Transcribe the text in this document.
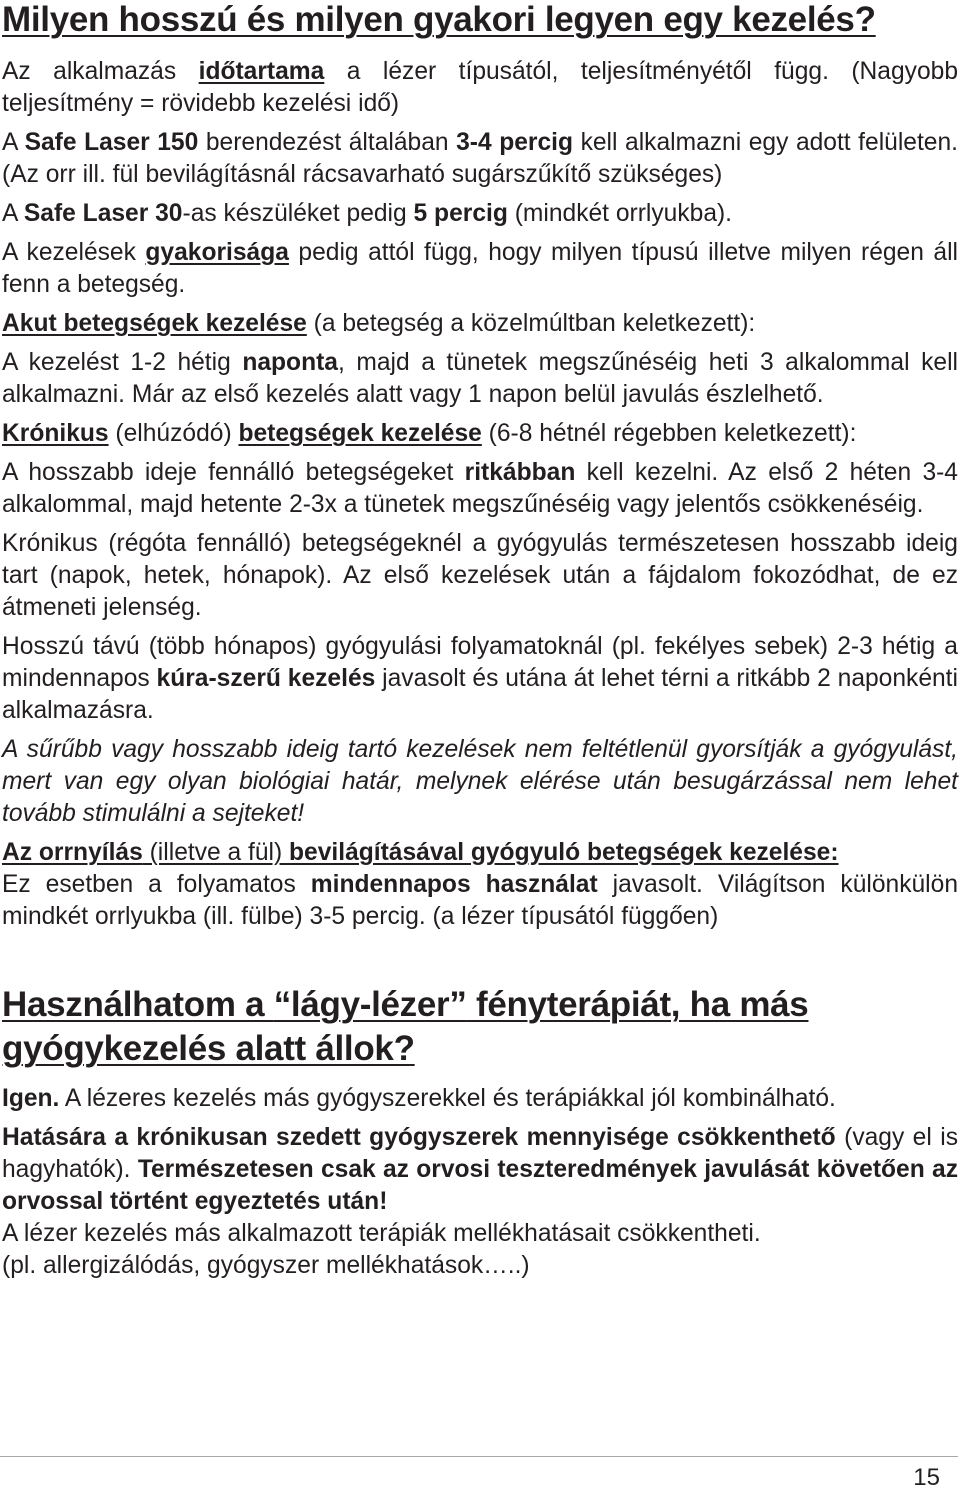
Milyen hosszú és milyen gyakori legyen egy kezelés?

Az alkalmazás időtartama a lézer típusától, teljesítményétől függ. (Nagyobb teljesítmény = rövidebb kezelési idő)

A Safe Laser 150 berendezést általában 3-4 percig kell alkalmazni egy adott felületen. (Az orr ill. fül bevilágításnál rácsavarható sugárszűkítő szükséges)

A Safe Laser 30-as készüléket pedig 5 percig (mindkét orrlyukba).

A kezelések gyakorisága pedig attól függ, hogy milyen típusú illetve milyen régen áll fenn a betegség.

Akut betegségek kezelése (a betegség a közelmúltban keletkezett):

A kezelést 1-2 hétig naponta, majd a tünetek megszűnéséig heti 3 alkalommal kell alkalmazni. Már az első kezelés alatt vagy 1 napon belül javulás észlelhető.

Krónikus (elhúzódó) betegségek kezelése (6-8 hétnél régebben keletkezett):

A hosszabb ideje fennálló betegségeket ritkábban kell kezelni. Az első 2 héten 3-4 alkalommal, majd hetente 2-3x a tünetek megszűnéséig vagy jelentős csökkenéséig.

Krónikus (régóta fennálló) betegségeknél a gyógyulás természetesen hosszabb ideig tart (napok, hetek, hónapok). Az első kezelések után a fájdalom fokozódhat, de ez átmeneti jelenség.

Hosszú távú (több hónapos) gyógyulási folyamatoknál (pl. fekélyes sebek) 2-3 hétig a mindennapos kúra-szerű kezelés javasolt és utána át lehet térni a ritkább 2 naponkénti alkalmazásra.

A sűrűbb vagy hosszabb ideig tartó kezelések nem feltétlenül gyorsítják a gyógyulást, mert van egy olyan biológiai határ, melynek elérése után besugárzással nem lehet tovább stimulálni a sejteket!

Az orrnyílás (illetve a fül) bevilágításával gyógyuló betegségek kezelése:

Ez esetben a folyamatos mindennapos használat javasolt. Világítson különkülön mindkét orrlyukba (ill. fülbe) 3-5 percig. (a lézer típusától függően)

Használhatom a “lágy-lézer” fényterápiát, ha más gyógykezelés alatt állok?

Igen. A lézeres kezelés más gyógyszerekkel és terápiákkal jól kombinálható.

Hatására a krónikusan szedett gyógyszerek mennyisége csökkenthető (vagy el is hagyhatók). Természetesen csak az orvosi teszteredmények javulását követően az orvossal történt egyeztetés után!

A lézer kezelés más alkalmazott terápiák mellékhatásait csökkentheti.

(pl. allergizálódás, gyógyszer mellékhatások…..)

15
